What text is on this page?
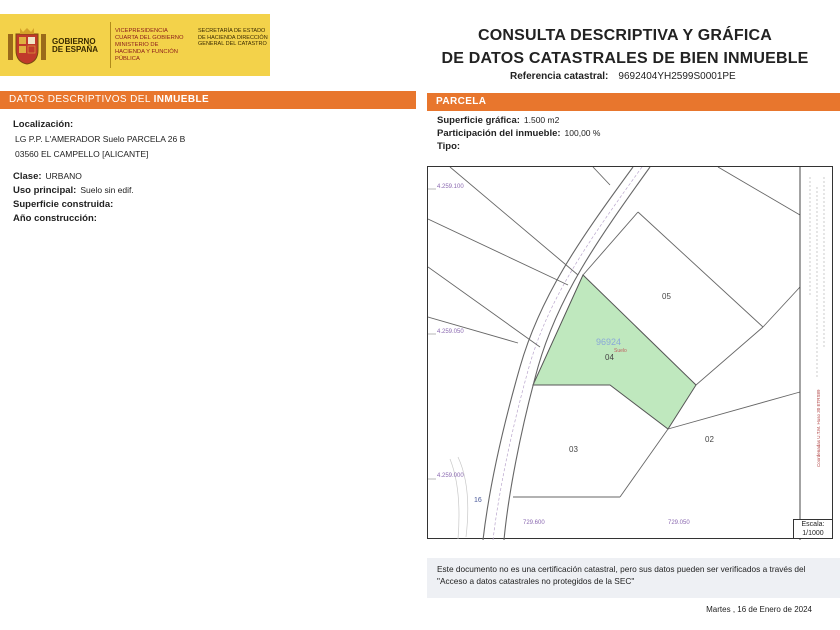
GOBIERNO DE ESPAÑA
VICEPRESIDENCIA CUARTA DEL GOBIERNO MINISTERIO DE HACIENDA Y FUNCIÓN PÚBLICA
SECRETARÍA DE ESTADO DE HACIENDA DIRECCIÓN GENERAL DEL CATASTRO
CONSULTA DESCRIPTIVA Y GRÁFICA
DE DATOS CATASTRALES DE BIEN INMUEBLE
Referencia catastral: 9692404YH2599S0001PE
DATOS DESCRIPTIVOS DEL INMUEBLE	PARCELA
Localización:
LG P.P. L'AMERADOR Suelo PARCELA 26 B
03560 EL CAMPELLO [ALICANTE]
Clase: URBANO
Uso principal: Suelo sin edif.
Superficie construida:
Año construcción:
Superficie gráfica: 1.500 m2
Participación del inmueble: 100,00 %
Tipo:
Coordenadas U.T.M. Huso 30 ETRS89
4.259.100
4.259.050
4.259.000
729.600	729.050
96924
Suelo
04
05
03
02
16
Escala:
1/1000
Este documento no es una certificación catastral, pero sus datos pueden ser verificados a través del "Acceso a datos catastrales no protegidos de la SEC"
Martes , 16 de Enero de 2024
